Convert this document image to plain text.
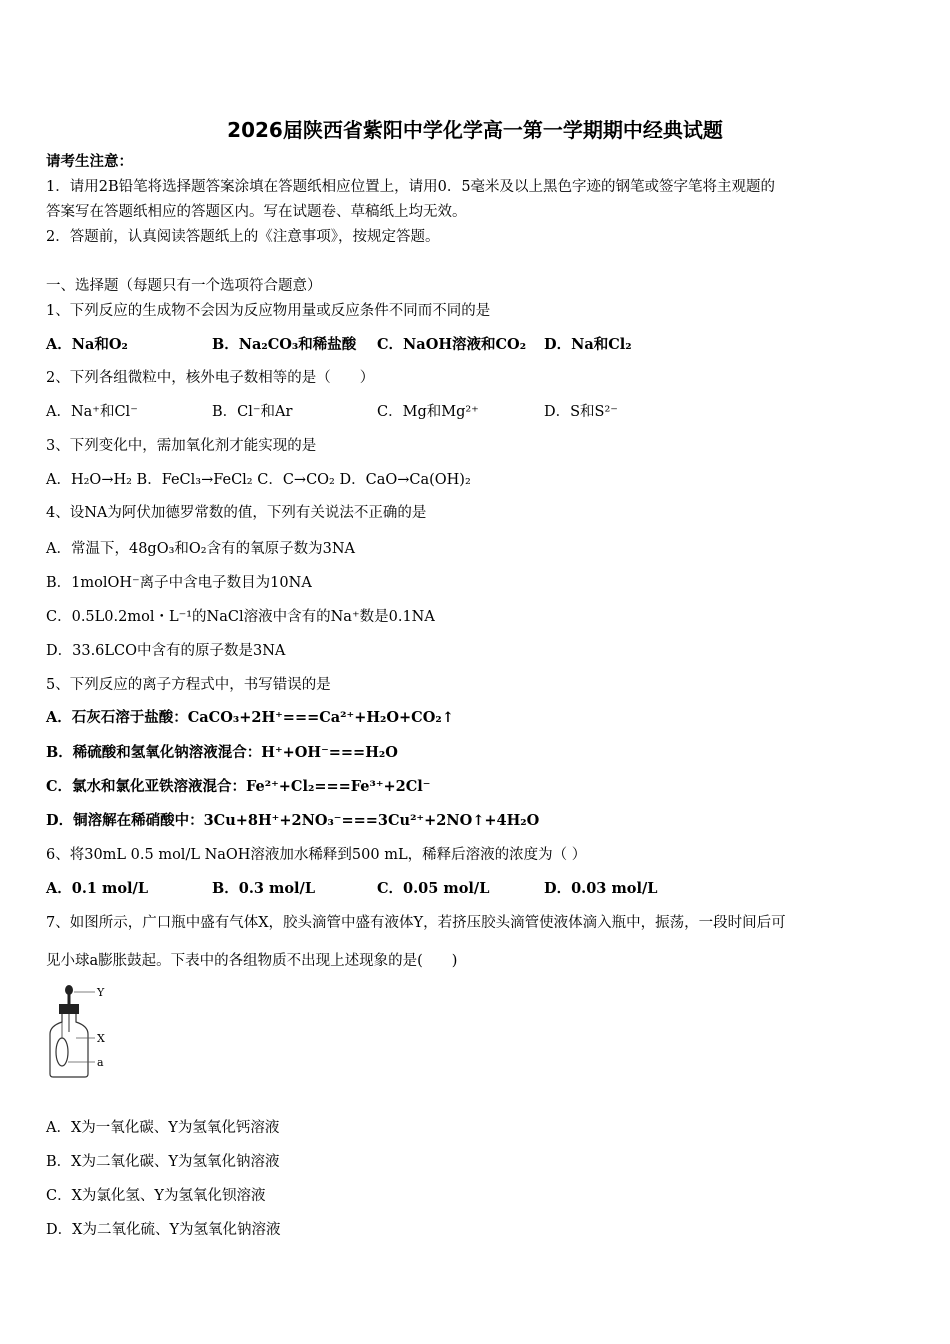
2026届陕西省紫阳中学化学高一第一学期期中经典试题
请考生注意：
1．请用2B铅笔将选择题答案涂填在答题纸相应位置上，请用0．5毫米及以上黑色字迹的钢笔或签字笔将主观题的
答案写在答题纸相应的答题区内。写在试题卷、草稿纸上均无效。
2．答题前，认真阅读答题纸上的《注意事项》，按规定答题。
一、选择题（每题只有一个选项符合题意）
1、下列反应的生成物不会因为反应物用量或反应条件不同而不同的是
A．Na和O₂	B．Na₂CO₃和稀盐酸 C．NaOH溶液和CO₂ D．Na和Cl₂
2、下列各组微粒中，核外电子数相等的是（　　）
A．Na⁺和Cl⁻	B．Cl⁻和Ar	C．Mg和Mg²⁺	D．S和S²⁻
3、下列变化中，需加氧化剂才能实现的是
A．H₂O→H₂ B．FeCl₃→FeCl₂ C．C→CO₂ D．CaO→Ca(OH)₂
4、设NA为阿伏加德罗常数的值，下列有关说法不正确的是
A．常温下，48gO₃和O₂含有的氧原子数为3NA
B．1molOH⁻离子中含电子数目为10NA
C．0.5L0.2mol・L⁻¹的NaCl溶液中含有的Na⁺数是0.1NA
D．33.6LCO中含有的原子数是3NA
5、下列反应的离子方程式中，书写错误的是
A．石灰石溶于盐酸：CaCO₃+2H⁺===Ca²⁺+H₂O+CO₂↑
B．稀硫酸和氢氧化钠溶液混合：H⁺+OH⁻===H₂O
C．氯水和氯化亚铁溶液混合：Fe²⁺+Cl₂===Fe³⁺+2Cl⁻
D．铜溶解在稀硝酸中：3Cu+8H⁺+2NO₃⁻===3Cu²⁺+2NO↑+4H₂O
6、将30mL 0.5 mol/L NaOH溶液加水稀释到500 mL，稀释后溶液的浓度为（ ）
A．0.1 mol/L	B．0.3 mol/L	C．0.05 mol/L	D．0.03 mol/L
7、如图所示，广口瓶中盛有气体X，胶头滴管中盛有液体Y，若挤压胶头滴管使液体滴入瓶中，振荡，一段时间后可
见小球a膨胀鼓起。下表中的各组物质不出现上述现象的是(　　)
Y
X
a
A．X为一氧化碳、Y为氢氧化钙溶液
B．X为二氧化碳、Y为氢氧化钠溶液
C．X为氯化氢、Y为氢氧化钡溶液
D．X为二氧化硫、Y为氢氧化钠溶液
